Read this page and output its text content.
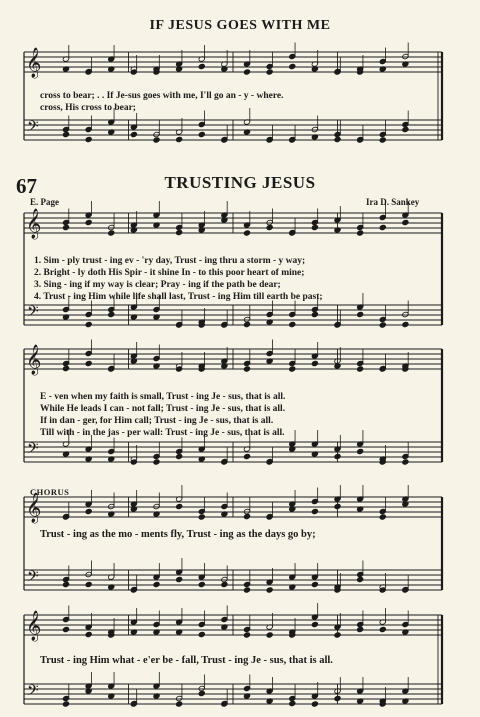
𝄞
𝄢
𝄞
𝄢
𝄞
𝄢
𝄞
𝄢
𝄞
𝄢
IF JESUS GOES WITH ME
cross to bear; . . If Je-sus goes with me, I'll go an - y - where.
cross, His cross to bear;
67	TRUSTING JESUS
E. Page	Ira D. Sankey
1. Sim - ply trust - ing ev - 'ry day, Trust - ing thru a storm - y way;
2. Bright - ly doth His Spir - it shine In - to this poor heart of mine;
3. Sing - ing if my way is clear; Pray - ing if the path be dear;
4. Trust - ing Him while life shall last, Trust - ing Him till earth be past;
E - ven when my faith is small, Trust - ing Je - sus, that is all.
While He leads I can - not fall; Trust - ing Je - sus, that is all.
If in dan - ger, for Him call; Trust - ing Je - sus, that is all.
Till with - in the jas - per wall: Trust - ing Je - sus, that is all.
CHORUS
Trust - ing as the mo - ments fly, Trust - ing as the days go by;
Trust - ing Him what - e'er be - fall, Trust - ing Je - sus, that is all.
